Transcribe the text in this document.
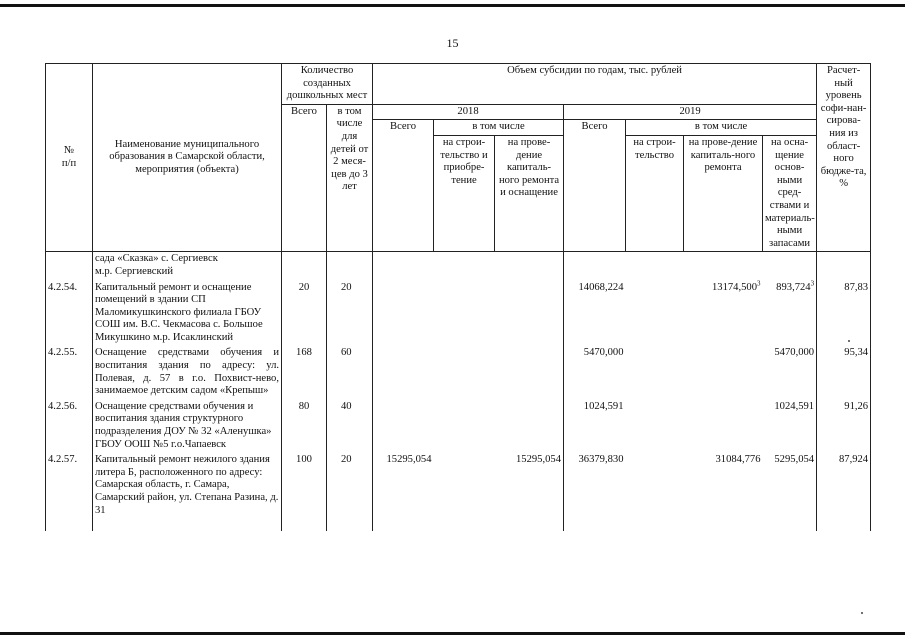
15
№
п/п	Наименование муниципального образования в Самарской области, мероприятия (объекта)	Количество созданных дошкольных мест		Объем субсидии по годам, тыс. рублей							Расчет-ный уровень софи-нан-сирова-ния из област-ного бюдже-та, %
		Всего	в том числе для детей от 2 меся-цев до 3 лет	2018			2019				
				Всего	в том числе		Всего	в том числе			
					на строи-тельство и приобре-тение	на прове-дение капиталь-ного ремонта и оснащение		на строи-тельство	на прове-дение капиталь-ного ремонта	на осна-щение основ-ными сред-ствами и материаль-ными запасами	
	сада «Сказка» с. Сергиевск
м.р. Сергиевский										
4.2.54.	Капитальный ремонт и оснащение помещений в здании СП Маломикушкинского филиала ГБОУ СОШ им. В.С. Чекмасова с. Большое Микушкино м.р. Исаклинский	20	20				14068,224		13174,500$^3$	893,724$^3$	87,83
4.2.55.	Оснащение средствами обучения и воспитания здания по адресу: ул. Полевая, д. 57 в г.о. Похвист-нево, занимаемое детским садом «Крепыш»	168	60				5470,000			5470,000	95,34
4.2.56.	Оснащение средствами обучения и воспитания здания структурного подразделения ДОУ № 32 «Аленушка» ГБОУ ООШ №5 г.о.Чапаевск	80	40				1024,591			1024,591	91,26
4.2.57.	Капитальный ремонт нежилого здания литера Б, расположенного по адресу: Самарская область, г. Самара, Самарский район, ул. Степана Разина, д. 31	100	20	15295,054		15295,054	36379,830		31084,776	5295,054	87,924
